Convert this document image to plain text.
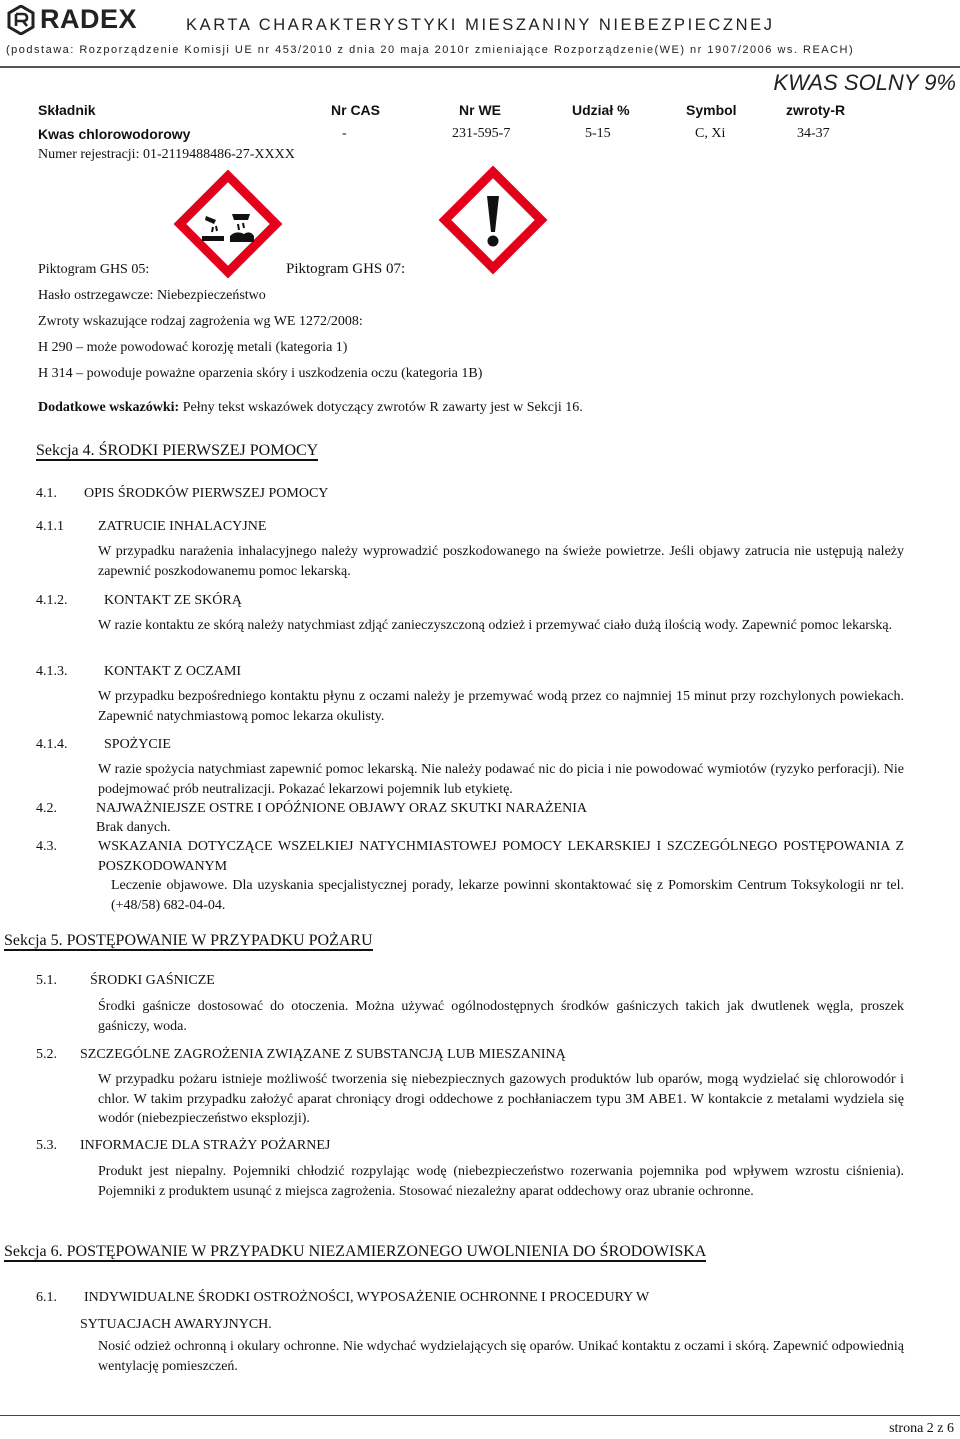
RADEX	KARTA CHARAKTERYSTYKI MIESZANINY NIEBEZPIECZNEJ
(podstawa: Rozporządzenie Komisji UE nr 453/2010 z dnia 20 maja 2010r zmieniające Rozporządzenie(WE) nr 1907/2006 ws. REACH)
KWAS SOLNY 9%
Składnik	Nr CAS	Nr WE	Udział %	Symbol	zwroty-R
Kwas chlorowodorowy	-	231-595-7	5-15	C, Xi	34-37
Numer rejestracji: 01-2119488486-27-XXXX
Piktogram GHS 05:	Piktogram GHS 07:
Hasło ostrzegawcze: Niebezpieczeństwo
Zwroty wskazujące rodzaj zagrożenia wg WE 1272/2008:
H 290 – może powodować korozję metali (kategoria 1)
H 314 – powoduje poważne oparzenia skóry i uszkodzenia oczu (kategoria 1B)
Dodatkowe wskazówki: Pełny tekst wskazówek dotyczący zwrotów R zawarty jest w Sekcji 16.
Sekcja 4. ŚRODKI PIERWSZEJ POMOCY
4.1. OPIS ŚRODKÓW PIERWSZEJ POMOCY
4.1.1 ZATRUCIE INHALACYJNE
W przypadku narażenia inhalacyjnego należy wyprowadzić poszkodowanego na świeże powietrze. Jeśli objawy zatrucia nie ustępują należy zapewnić poszkodowanemu pomoc lekarską.
4.1.2.	KONTAKT ZE SKÓRĄ
W razie kontaktu ze skórą należy natychmiast zdjąć zanieczyszczoną odzież i przemywać ciało dużą ilością wody. Zapewnić pomoc lekarską.
4.1.3.	KONTAKT Z OCZAMI
W przypadku bezpośredniego kontaktu płynu z oczami należy je przemywać wodą przez co najmniej 15 minut przy rozchylonych powiekach. Zapewnić natychmiastową pomoc lekarza okulisty.
4.1.4.	SPOŻYCIE
W razie spożycia natychmiast zapewnić pomoc lekarską. Nie należy podawać nic do picia i nie powodować wymiotów (ryzyko perforacji). Nie podejmować prób neutralizacji. Pokazać lekarzowi pojemnik lub etykietę.
4.2.	NAJWAŻNIEJSZE OSTRE I OPÓŹNIONE OBJAWY ORAZ SKUTKI NARAŻENIA
Brak danych.
4.3.	WSKAZANIA DOTYCZĄCE WSZELKIEJ NATYCHMIASTOWEJ POMOCY LEKARSKIEJ I SZCZEGÓLNEGO POSTĘPOWANIA Z POSZKODOWANYM
Leczenie objawowe. Dla uzyskania specjalistycznej porady, lekarze powinni skontaktować się z Pomorskim Centrum Toksykologii nr tel. (+48/58) 682-04-04.
Sekcja 5. POSTĘPOWANIE W PRZYPADKU POŻARU
5.1. ŚRODKI GAŚNICZE
Środki gaśnicze dostosować do otoczenia. Można używać ogólnodostępnych środków gaśniczych takich jak dwutlenek węgla, proszek gaśniczy, woda.
5.2. SZCZEGÓLNE ZAGROŻENIA ZWIĄZANE Z SUBSTANCJĄ LUB MIESZANINĄ
W przypadku pożaru istnieje możliwość tworzenia się niebezpiecznych gazowych produktów lub oparów, mogą wydzielać się chlorowodór i chlor. W takim przypadku założyć aparat chroniący drogi oddechowe z pochłaniaczem typu 3M ABE1. W kontakcie z metalami wydziela się wodór (niebezpieczeństwo eksplozji).
5.3. INFORMACJE DLA STRAŻY POŻARNEJ
Produkt jest niepalny. Pojemniki chłodzić rozpylając wodę (niebezpieczeństwo rozerwania pojemnika pod wpływem wzrostu ciśnienia). Pojemniki z produktem usunąć z miejsca zagrożenia. Stosować niezależny aparat oddechowy oraz ubranie ochronne.
Sekcja 6. POSTĘPOWANIE W PRZYPADKU NIEZAMIERZONEGO UWOLNIENIA DO ŚRODOWISKA
6.1. INDYWIDUALNE ŚRODKI OSTROŻNOŚCI, WYPOSAŻENIE OCHRONNE I PROCEDURY W
SYTUACJACH AWARYJNYCH.
Nosić odzież ochronną i okulary ochronne. Nie wdychać wydzielających się oparów. Unikać kontaktu z oczami i skórą. Zapewnić odpowiednią wentylację pomieszczeń.
strona 2 z 6
